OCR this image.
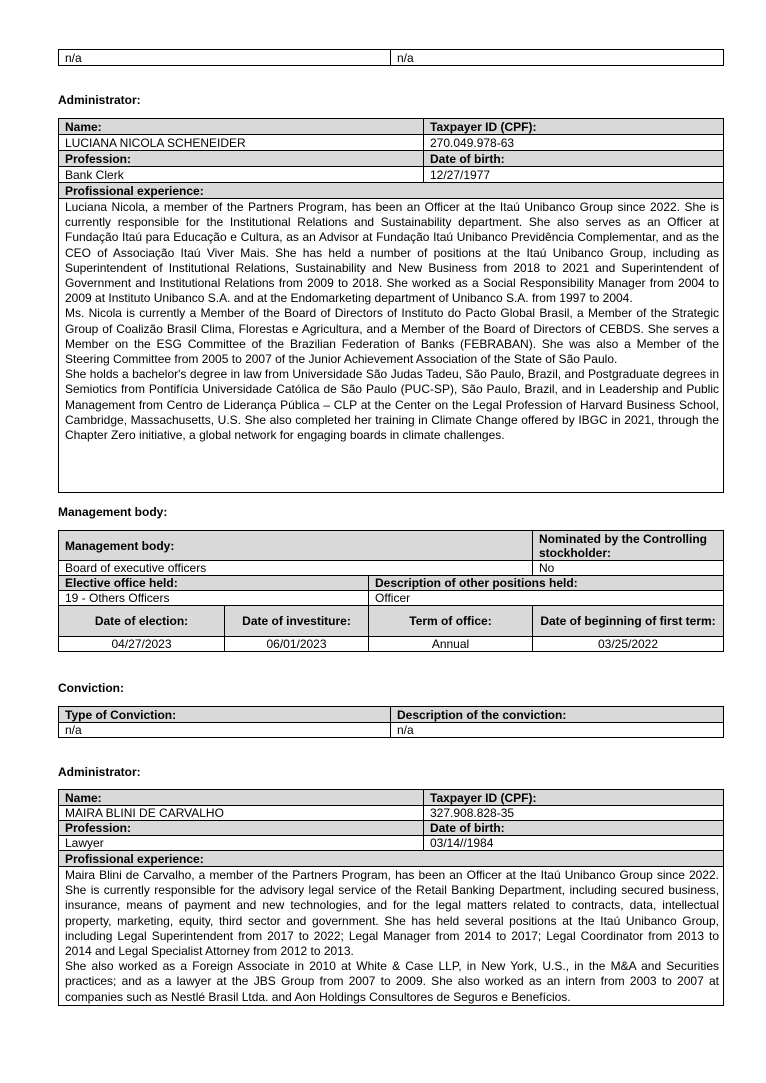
n/a	n/a
Administrator:
Name:	Taxpayer ID (CPF):
LUCIANA NICOLA SCHENEIDER	270.049.978-63
Profession:	Date of birth:
Bank Clerk	12/27/1977
Profissional experience:	

Luciana Nicola, a member of the Partners Program, has been an Officer at the Itaú Unibanco Group since 2022. She is currently responsible for the Institutional Relations and Sustainability department. She also serves as an Officer at Fundação Itaú para Educação e Cultura, as an Advisor at Fundação Itaú Unibanco Previdência Complementar, and as the CEO of Associação Itaú Viver Mais. She has held a number of positions at the Itaú Unibanco Group, including as Superintendent of Institutional Relations, Sustainability and New Business from 2018 to 2021 and Superintendent of Government and Institutional Relations from 2009 to 2018. She worked as a Social Responsibility Manager from 2004 to 2009 at Instituto Unibanco S.A. and at the Endomarketing department of Unibanco S.A. from 1997 to 2004.
Ms. Nicola is currently a Member of the Board of Directors of Instituto do Pacto Global Brasil, a Member of the Strategic Group of Coalizão Brasil Clima, Florestas e Agricultura, and a Member of the Board of Directors of CEBDS. She serves a Member on the ESG Committee of the Brazilian Federation of Banks (FEBRABAN). She was also a Member of the Steering Committee from 2005 to 2007 of the Junior Achievement Association of the State of São Paulo.
She holds a bachelor's degree in law from Universidade São Judas Tadeu, São Paulo, Brazil, and Postgraduate degrees in Semiotics from Pontifícia Universidade Católica de São Paulo (PUC-SP), São Paulo, Brazil, and in Leadership and Public Management from Centro de Liderança Pública – CLP at the Center on the Legal Profession of Harvard Business School, Cambridge, Massachusetts, U.S. She also completed her training in Climate Change offered by IBGC in 2021, through the Chapter Zero initiative, a global network for engaging boards in climate challenges.	
Management body:
Management body:			Nominated by the Controlling stockholder:
Board of executive officers			No
Elective office held:		Description of other positions held:	
19 - Others Officers		Officer	
Date of election:	Date of investiture:	Term of office:	Date of beginning of first term:
04/27/2023	06/01/2023	Annual	03/25/2022
Conviction:
Type of Conviction:	Description of the conviction:
n/a	n/a
Administrator:
Name:	Taxpayer ID (CPF):
MAIRA BLINI DE CARVALHO	327.908.828-35
Profession:	Date of birth:
Lawyer	03/14//1984
Profissional experience:	

Maira Blini de Carvalho, a member of the Partners Program, has been an Officer at the Itaú Unibanco Group since 2022. She is currently responsible for the advisory legal service of the Retail Banking Department, including secured business, insurance, means of payment and new technologies, and for the legal matters related to contracts, data, intellectual property, marketing, equity, third sector and government. She has held several positions at the Itaú Unibanco Group, including Legal Superintendent from 2017 to 2022; Legal Manager from 2014 to 2017; Legal Coordinator from 2013 to 2014 and Legal Specialist Attorney from 2012 to 2013.
She also worked as a Foreign Associate in 2010 at White & Case LLP, in New York, U.S., in the M&A and Securities practices; and as a lawyer at the JBS Group from 2007 to 2009. She also worked as an intern from 2003 to 2007 at companies such as Nestlé Brasil Ltda. and Aon Holdings Consultores de Seguros e Benefícios.	
